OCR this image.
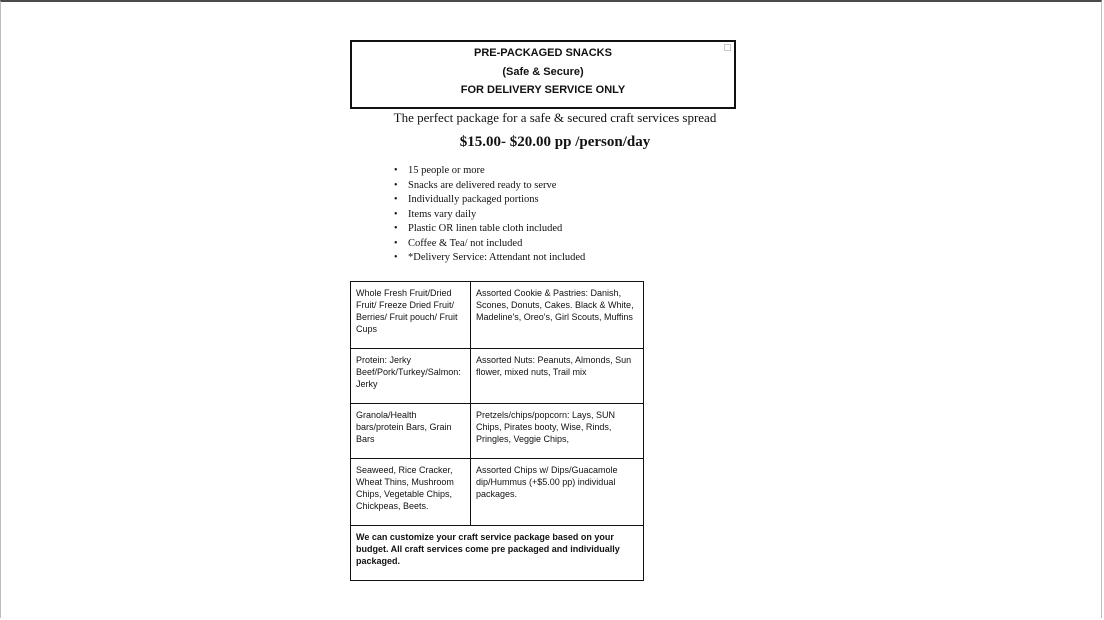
PRE-PACKAGED SNACKS
(Safe & Secure)
FOR DELIVERY SERVICE ONLY
The perfect package for a safe & secured craft services spread
$15.00- $20.00 pp /person/day
• 15 people or more
• Snacks are delivered ready to serve
• Individually packaged portions
• Items vary daily
• Plastic OR linen table cloth included
• Coffee & Tea/ not included
• *Delivery Service: Attendant not included
Whole Fresh Fruit/Dried Fruit/ Freeze Dried Fruit/ Berries/ Fruit pouch/ Fruit Cups	Assorted Cookie & Pastries: Danish, Scones, Donuts, Cakes. Black & White, Madeline's, Oreo's, Girl Scouts, Muffins
Protein: Jerky Beef/Pork/Turkey/Salmon: Jerky	Assorted Nuts: Peanuts, Almonds, Sun flower, mixed nuts, Trail mix
Granola/Health bars/protein Bars, Grain Bars	Pretzels/chips/popcorn: Lays, SUN Chips, Pirates booty, Wise, Rinds, Pringles, Veggie Chips,
Seaweed, Rice Cracker, Wheat Thins, Mushroom Chips, Vegetable Chips, Chickpeas, Beets.	Assorted Chips w/ Dips/Guacamole dip/Hummus (+$5.00 pp) individual packages.
We can customize your craft service package based on your budget. All craft services come pre packaged and individually packaged.	
